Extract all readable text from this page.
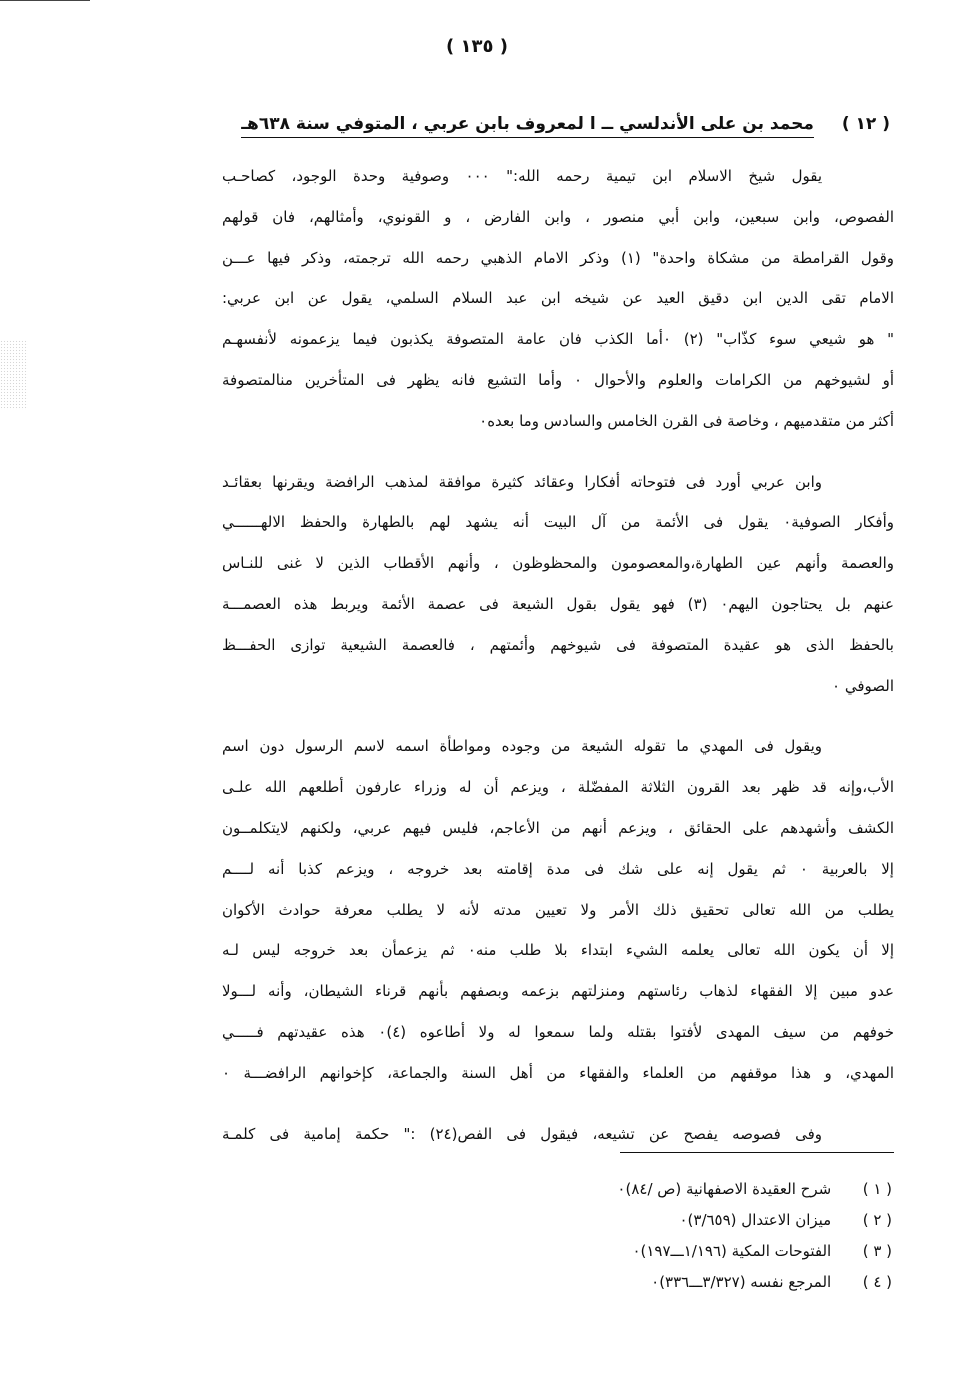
( ١٣٥ )
( ١٢ ) محمد بن على الأندلسي ــ ا لمعروف بابن عربي ، المتوفي سنة ٦٣٨هـ

يقول شيخ الاسلام ابن تيمية رحمه الله:" ٠٠٠ وصوفية وحدة الوجود، كصاحـب
الفصوص، وابن سبعين، وابن أبي منصور ، وابن الفارض ، و القونوي، وأمثالهم، فان قولهم
وقول القرامطة من مشكاة واحدة" (١) وذكر الامام الذهبي رحمه الله ترجمته، وذكر فيها عـــن
الامام تقى الدين ابن دقيق العيد عن شيخه ابن عبد السلام السلمي، يقول عن ابن عربي:
" هو شيعي سوء كذّاب" (٢) ٠أما الكذب فان عامة المتصوفة يكذبون فيما يزعمونه لأنفسهـم
أو لشيوخهم من الكرامات والعلوم والأحوال ٠ وأما التشيع فانه يظهر فى المتأخرين منالمتصوفة
أكثر من متقدميهم ، وخاصة فى القرن الخامس والسادس وما بعده٠

وابن عربي أورد فى فتوحاته أفكارا وعقائد كثيرة موافقة لمذهب الرافضة ويقرنها بعقائـد
وأفكار الصوفية٠ يقول فى الأئمة من آل البيت أنه يشهد لهم بالطهارة والحفظ الالهــــــي
والعصمة وأنهم عين الطهارة،والمعصومون والمحظوظون ، وأنهم الأقطاب الذين لا غنى للنـاس
عنهم بل يحتاجون اليهم٠ (٣) فهو يقول بقول الشيعة فى عصمة الأئمة ويربط هذه العصمـــة
بالحفظ الذى هو عقيدة المتصوفة فى شيوخهم وأئمتهم ، فالعصمة الشيعية توازى الحفـــظ
الصوفي ٠

ويقول فى المهدي ما تقوله الشيعة من وجوده ومواطأة اسمه لاسم الرسول دون اسم
الأب،وإنه قد ظهر بعد القرون الثلاثة المفضّلة ، ويزعم أن له وزراء عارفون أطلعهم الله علـى
الكشف وأشهدهم على الحقائق ، ويزعم أنهم من الأعاجم، فليس فيهم عربي، ولكنهم لايتكلمــون
إلا بالعربية ٠ ثم يقول إنه على شك فى مدة إقامته بعد خروجه ، ويزعم كذبا أنه لــــم
يطلب من الله تعالى تحقيق ذلك الأمر ولا تعيين مدته لأنه لا يطلب معرفة حوادث الأكوان
إلا أن يكون الله تعالى يعلمه الشيء ابتداء بلا طلب منه٠ ثم يزعمأن بعد خروجه ليس لـه
عدو مبين إلا الفقهاء لذهاب رئاستهم ومنزلتهم بزعمه وبصفهم بأنهم قرناء الشيطان، وأنه لـــولا
خوفهم من سيف المهدى لأفتوا بقتله ولما سمعوا له ولا أطاعوه (٤)٠ هذه عقيدتهم فـــــي
المهدي، و هذا موقفهم من العلماء والفقهاء من أهل السنة والجماعة، كإخوانهم الرافضـــة ٠

وفى فصوصه يفصح عن تشيعه، فيقول فى الفص(٢٤) :" حكمة إمامية فى كلمـة

( ١ ) شرح العقيدة الاصفهانية (ص /٨٤)٠
( ٢ ) ميزان الاعتدال (٣/٦٥٩)٠
( ٣ ) الفتوحات المكية (١/١٩٦ـــ١٩٧)٠
( ٤ ) المرجع نفسه (٣/٣٢٧ـــ٣٣٦)٠
